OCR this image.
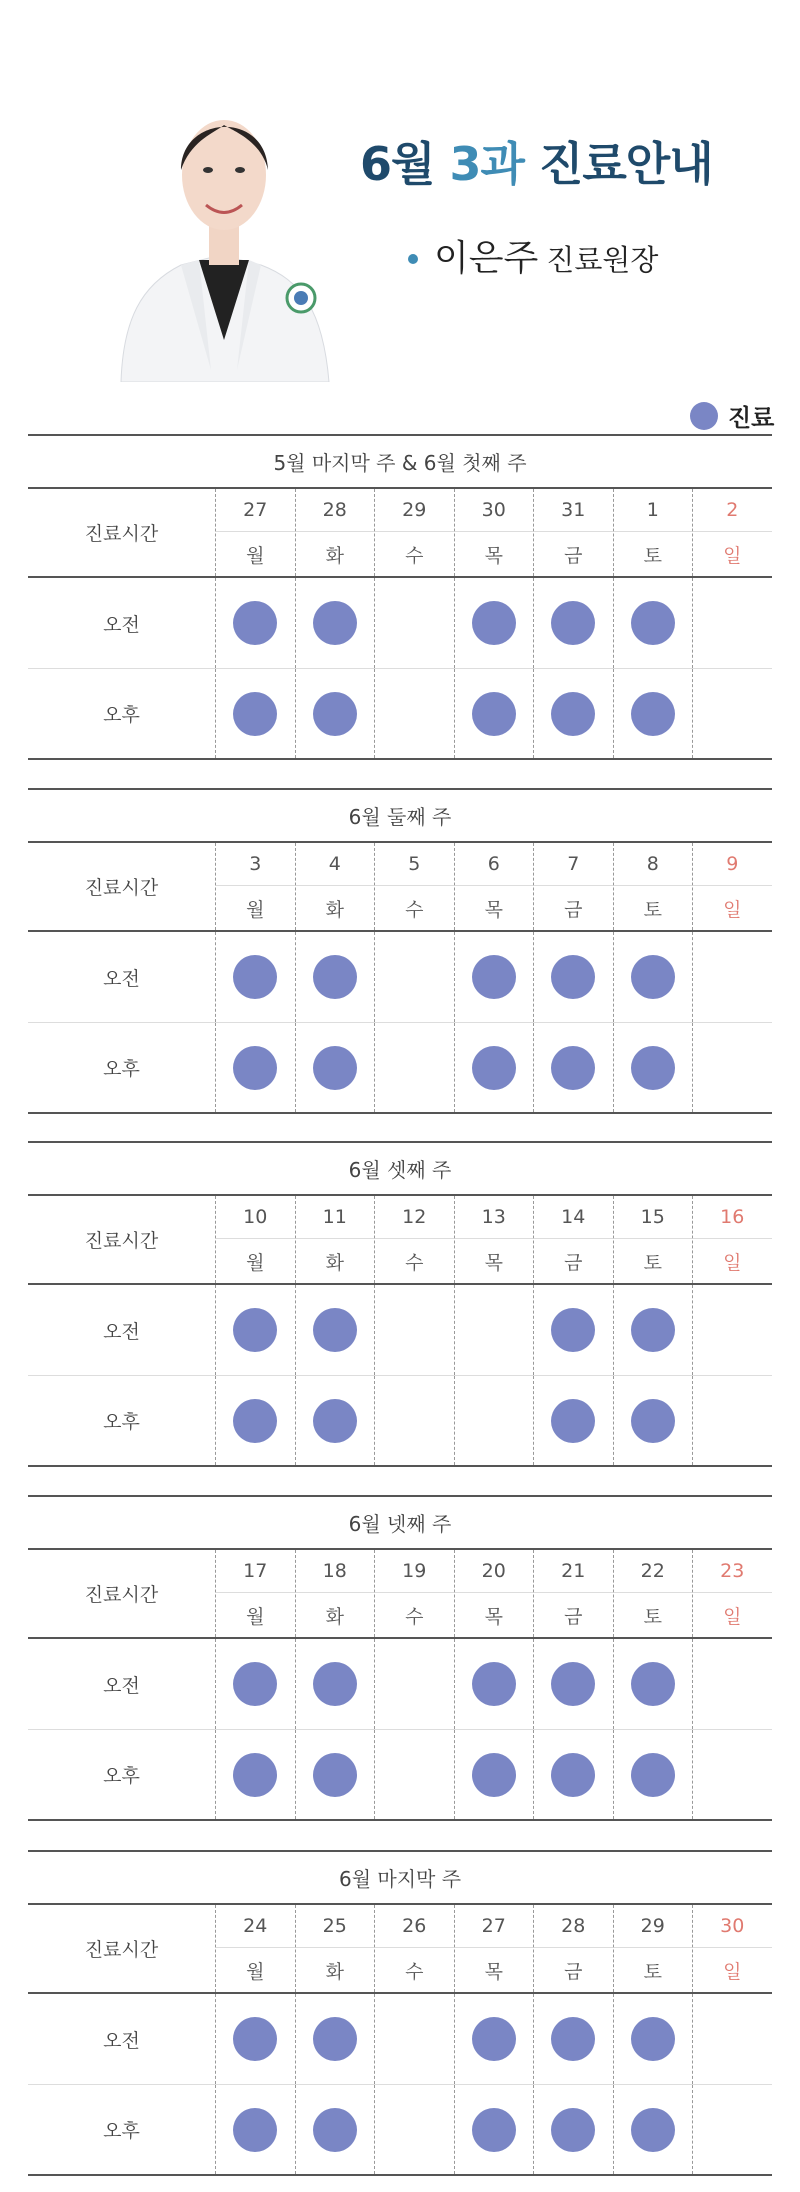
6월 3과 진료안내
이은주 진료원장
진료
5월 마지막 주 & 6월 첫째 주
진료시간
27
월
28
화
29
수
30
목
31
금
1
토
2
일
오전
오후
6월 둘째 주
진료시간
3
월
4
화
5
수
6
목
7
금
8
토
9
일
오전
오후
6월 셋째 주
진료시간
10
월
11
화
12
수
13
목
14
금
15
토
16
일
오전
오후
6월 넷째 주
진료시간
17
월
18
화
19
수
20
목
21
금
22
토
23
일
오전
오후
6월 마지막 주
진료시간
24
월
25
화
26
수
27
목
28
금
29
토
30
일
오전
오후
